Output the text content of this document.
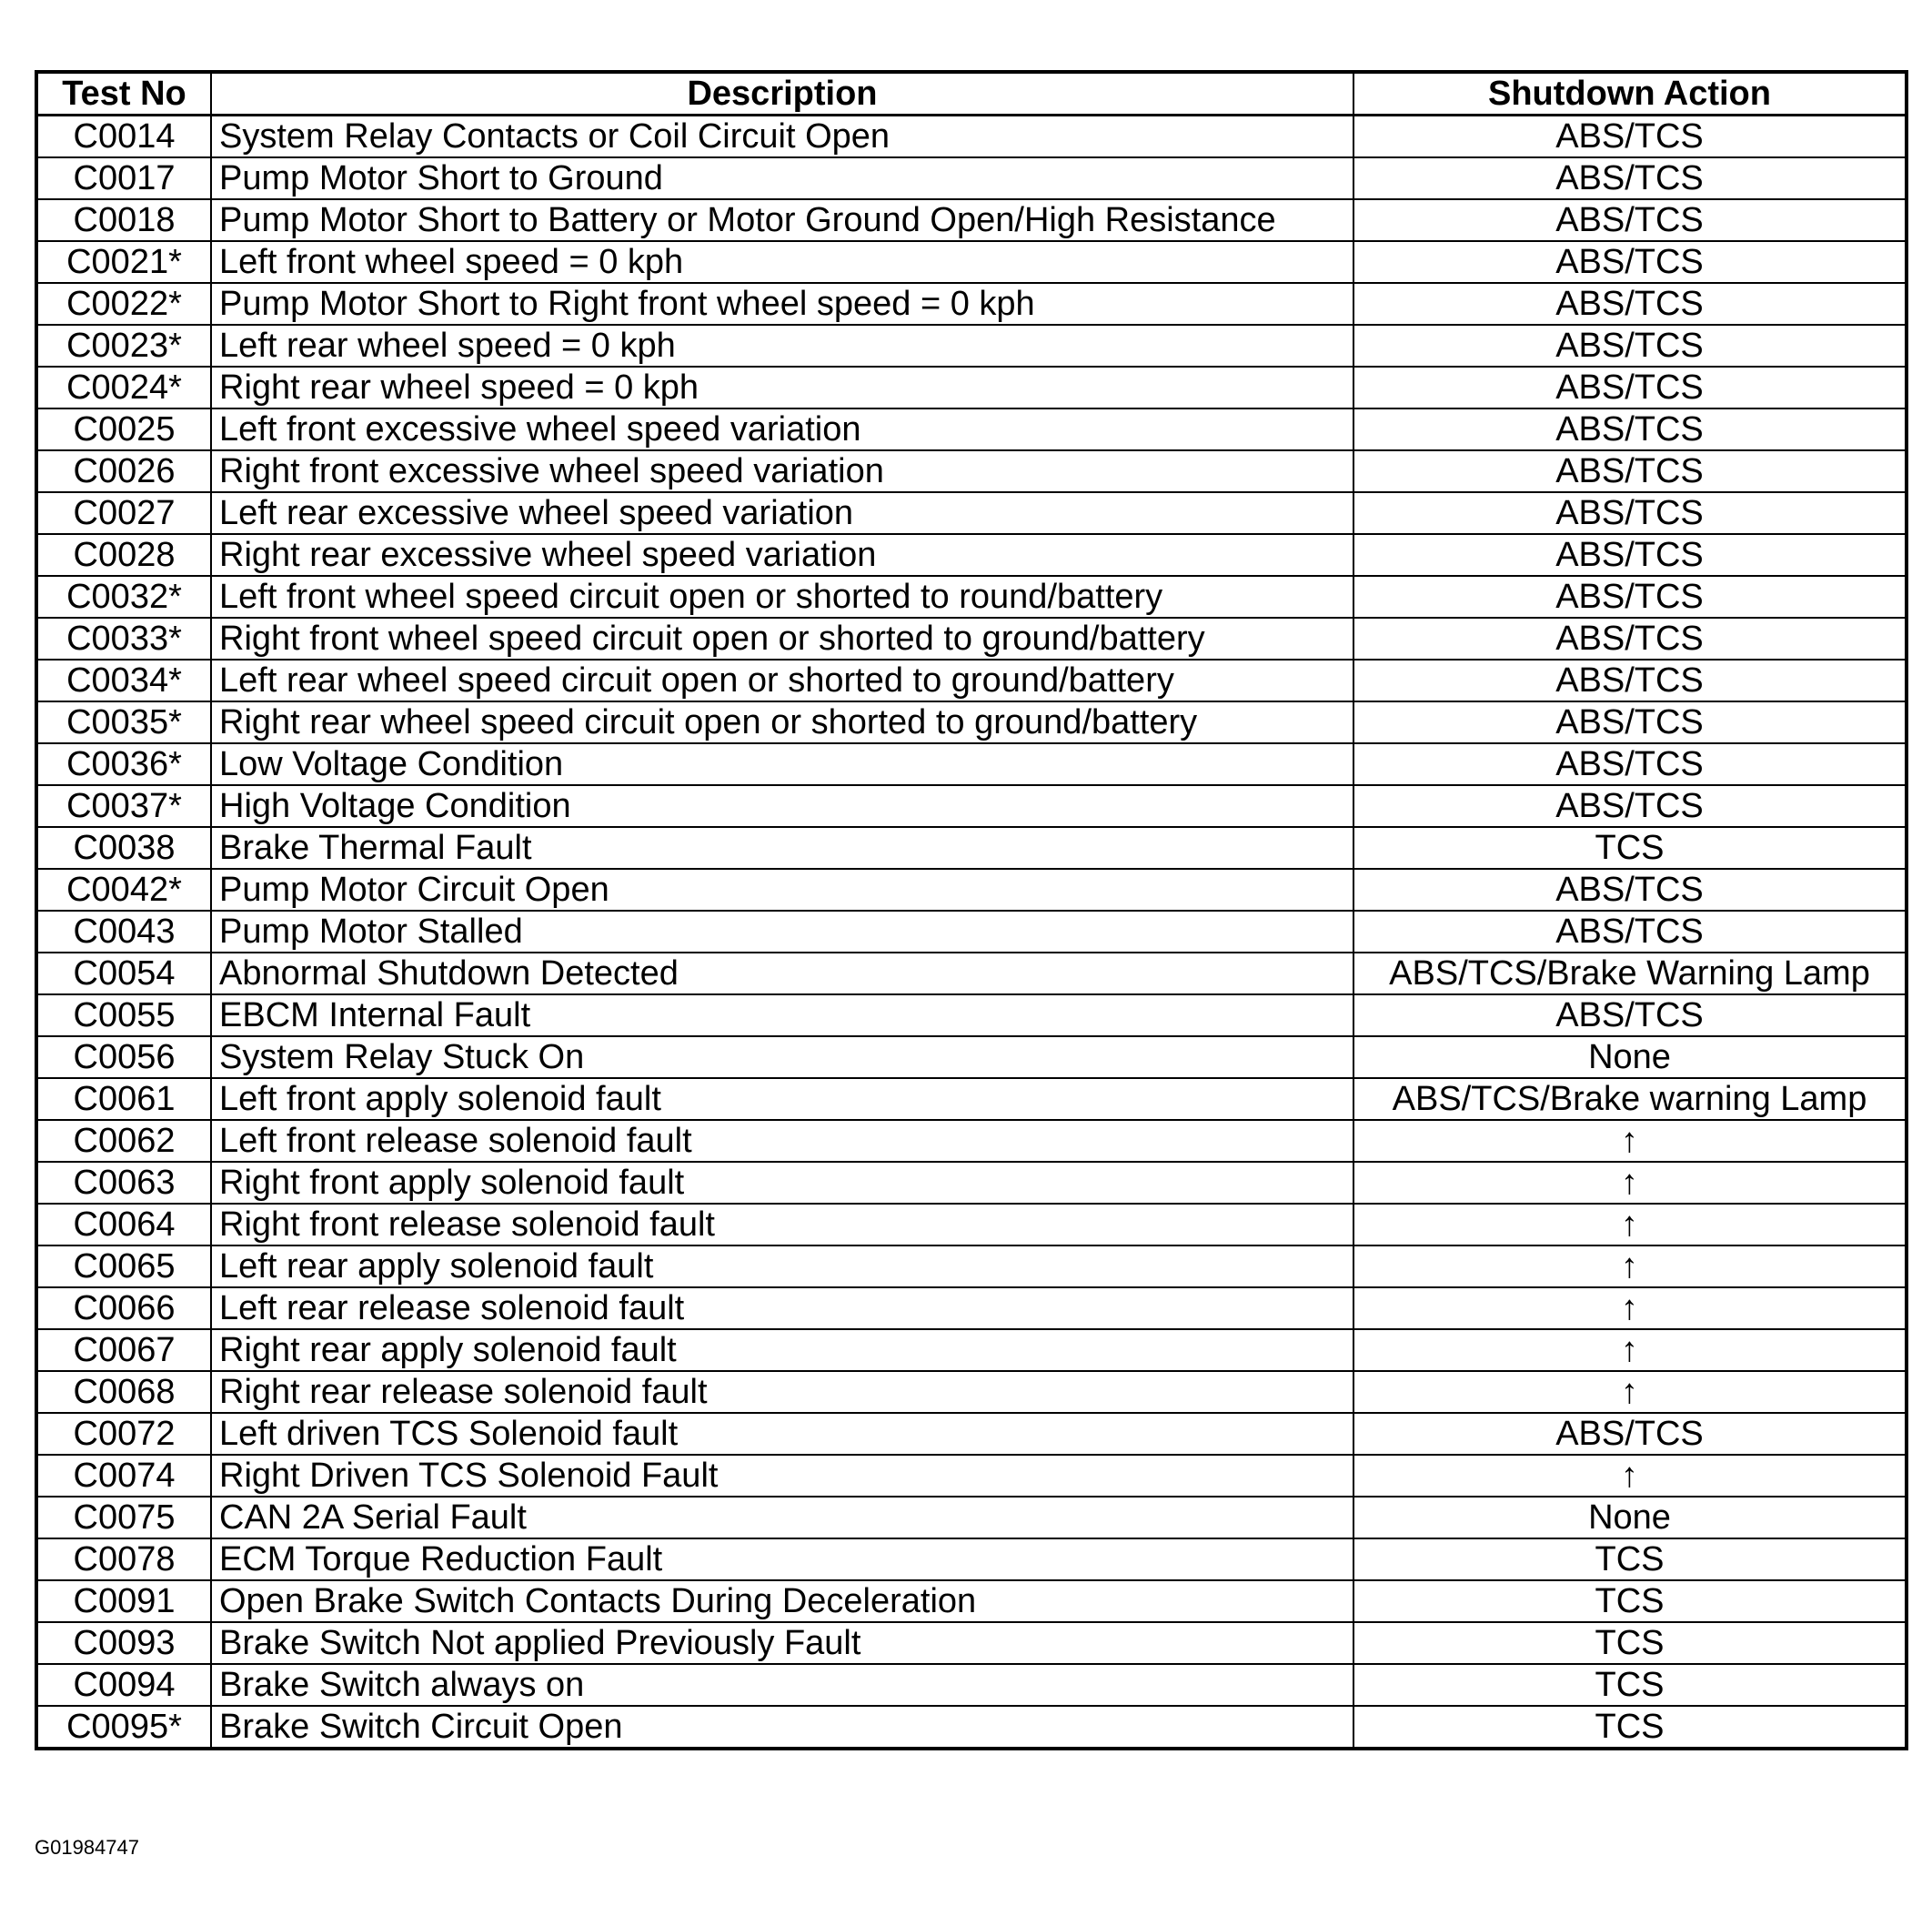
Test No	Description	Shutdown Action
C0014	System Relay Contacts or Coil Circuit Open	ABS/TCS
C0017	Pump Motor Short to Ground	ABS/TCS
C0018	Pump Motor Short to Battery or Motor Ground Open/High Resistance	ABS/TCS
C0021*	Left front wheel speed = 0 kph	ABS/TCS
C0022*	Pump Motor Short to Right front wheel speed = 0 kph	ABS/TCS
C0023*	Left rear wheel speed = 0 kph	ABS/TCS
C0024*	Right rear wheel speed = 0 kph	ABS/TCS
C0025	Left front excessive wheel speed variation	ABS/TCS
C0026	Right front excessive wheel speed variation	ABS/TCS
C0027	Left rear excessive wheel speed variation	ABS/TCS
C0028	Right rear excessive wheel speed variation	ABS/TCS
C0032*	Left front wheel speed circuit open or shorted to round/battery	ABS/TCS
C0033*	Right front wheel speed circuit open or shorted to ground/battery	ABS/TCS
C0034*	Left rear wheel speed circuit open or shorted to ground/battery	ABS/TCS
C0035*	Right rear wheel speed circuit open or shorted to ground/battery	ABS/TCS
C0036*	Low Voltage Condition	ABS/TCS
C0037*	High Voltage Condition	ABS/TCS
C0038	Brake Thermal Fault	TCS
C0042*	Pump Motor Circuit Open	ABS/TCS
C0043	Pump Motor Stalled	ABS/TCS
C0054	Abnormal Shutdown Detected	ABS/TCS/Brake Warning Lamp
C0055	EBCM Internal Fault	ABS/TCS
C0056	System Relay Stuck On	None
C0061	Left front apply solenoid fault	ABS/TCS/Brake warning Lamp
C0062	Left front release solenoid fault	↑
C0063	Right front apply solenoid fault	↑
C0064	Right front release solenoid fault	↑
C0065	Left rear apply solenoid fault	↑
C0066	Left rear release solenoid fault	↑
C0067	Right rear apply solenoid fault	↑
C0068	Right rear release solenoid fault	↑
C0072	Left driven TCS Solenoid fault	ABS/TCS
C0074	Right Driven TCS Solenoid Fault	↑
C0075	CAN 2A Serial Fault	None
C0078	ECM Torque Reduction Fault	TCS
C0091	Open Brake Switch Contacts During Deceleration	TCS
C0093	Brake Switch Not applied Previously Fault	TCS
C0094	Brake Switch always on	TCS
C0095*	Brake Switch Circuit Open	TCS
G01984747
